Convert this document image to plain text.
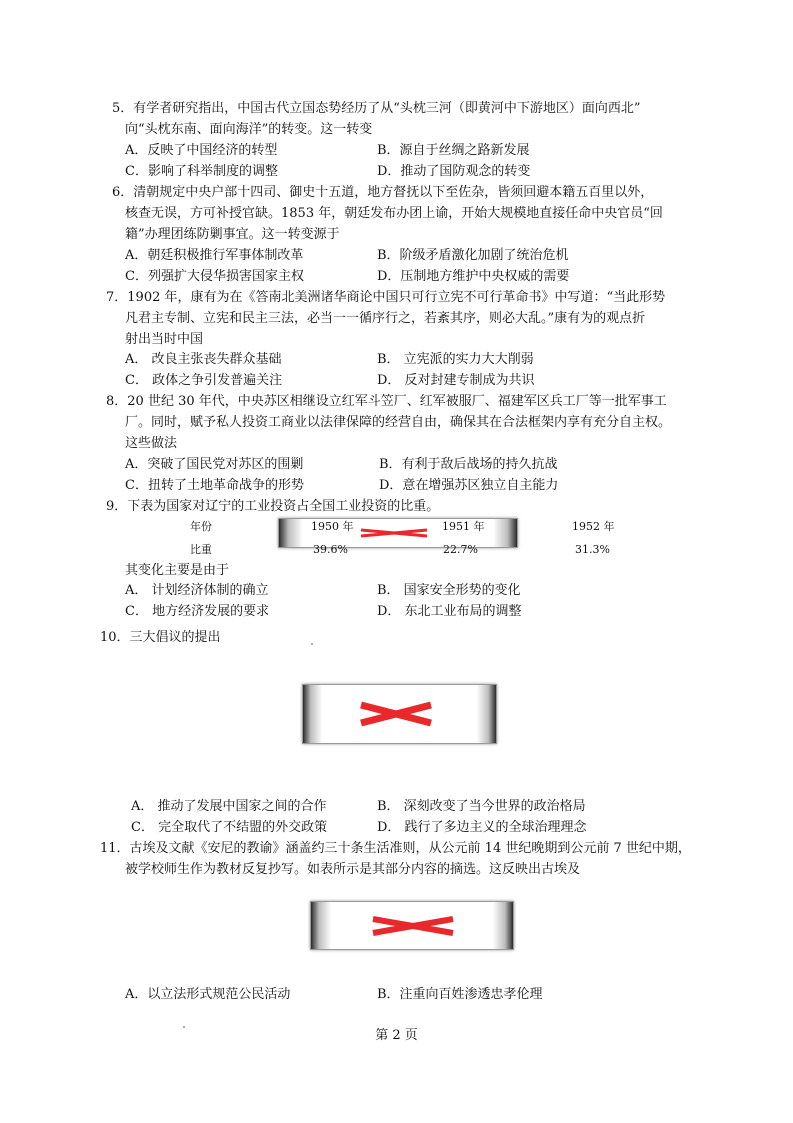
5．有学者研究指出，中国古代立国态势经历了从“头枕三河（即黄河中下游地区）面向西北”
向“头枕东南、面向海洋”的转变。这一转变
A．反映了中国经济的转型	B．源自于丝绸之路新发展
C．影响了科举制度的调整	D．推动了国防观念的转变
6．清朝规定中央户部十四司、御史十五道，地方督抚以下至佐杂，皆须回避本籍五百里以外，
核查无误，方可补授官缺。1853 年，朝廷发布办团上谕，开始大规模地直接任命中央官员“回
籍”办理团练防剿事宜。这一转变源于
A．朝廷积极推行军事体制改革	B．阶级矛盾激化加剧了统治危机
C．列强扩大侵华损害国家主权	D．压制地方维护中央权威的需要
7．1902 年，康有为在《答南北美洲诸华商论中国只可行立宪不可行革命书》中写道：“当此形势
凡君主专制、立宪和民主三法，必当一一循序行之，若紊其序，则必大乱。”康有为的观点折
射出当时中国
A． 改良主张丧失群众基础	B． 立宪派的实力大大削弱
C． 政体之争引发普遍关注	D． 反对封建专制成为共识
8．20 世纪 30 年代，中央苏区相继设立红军斗笠厂、红军被服厂、福建军区兵工厂等一批军事工
厂。同时，赋予私人投资工商业以法律保障的经营自由，确保其在合法框架内享有充分自主权。
这些做法
A．突破了国民党对苏区的围剿	B．有利于敌后战场的持久抗战
C．扭转了土地革命战争的形势	D．意在增强苏区独立自主能力
9．下表为国家对辽宁的工业投资占全国工业投资的比重。
年份	1950 年	1951 年	1952 年
比重	39.6%	22.7%	31.3%
其变化主要是由于
A． 计划经济体制的确立	B． 国家安全形势的变化
C． 地方经济发展的要求	D． 东北工业布局的调整
10．三大倡议的提出
A． 推动了发展中国家之间的合作	B． 深刻改变了当今世界的政治格局
C． 完全取代了不结盟的外交政策	D． 践行了多边主义的全球治理理念
11．古埃及文献《安尼的教谕》涵盖约三十条生活准则，从公元前 14 世纪晚期到公元前 7 世纪中期，
被学校师生作为教材反复抄写。如表所示是其部分内容的摘选。这反映出古埃及
A．以立法形式规范公民活动	B．注重向百姓渗透忠孝伦理
第 2 页
